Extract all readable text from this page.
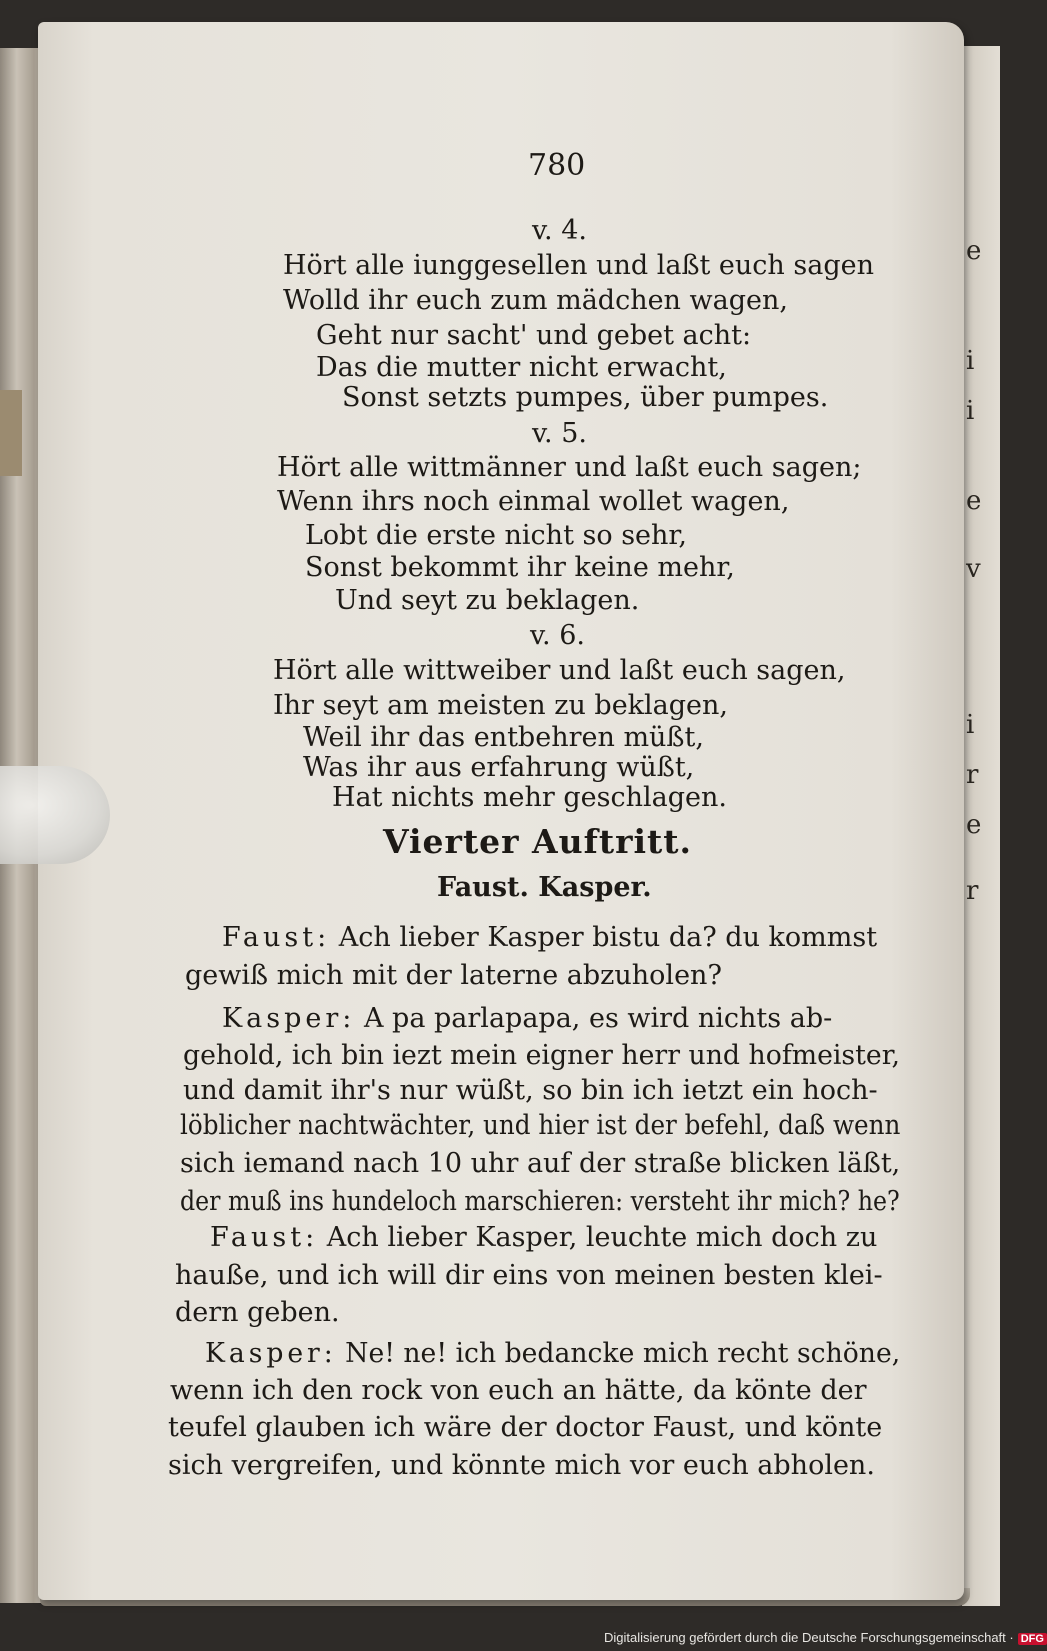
e
i
i
e
v
i
r
e
r
780
v. 4.
Hört alle iunggesellen und laßt euch sagen
Wolld ihr euch zum mädchen wagen,
Geht nur sacht' und gebet acht:
Das die mutter nicht erwacht,
Sonst setzts pumpes, über pumpes.
v. 5.
Hört alle wittmänner und laßt euch sagen;
Wenn ihrs noch einmal wollet wagen,
Lobt die erste nicht so sehr,
Sonst bekommt ihr keine mehr,
Und seyt zu beklagen.
v. 6.
Hört alle wittweiber und laßt euch sagen,
Ihr seyt am meisten zu beklagen,
Weil ihr das entbehren müßt,
Was ihr aus erfahrung wüßt,
Hat nichts mehr geschlagen.
Vierter Auftritt.
Faust. Kasper.
Faust: Ach lieber Kasper bistu da? du kommst
gewiß mich mit der laterne abzuholen?
Kasper: A pa parlapapa, es wird nichts ab-
gehold, ich bin iezt mein eigner herr und hofmeister,
und damit ihr's nur wüßt, so bin ich ietzt ein hoch-
löblicher nachtwächter, und hier ist der befehl, daß wenn
sich iemand nach 10 uhr auf der straße blicken läßt,
der muß ins hundeloch marschieren: versteht ihr mich? he?
Faust: Ach lieber Kasper, leuchte mich doch zu
hauße, und ich will dir eins von meinen besten klei-
dern geben.
Kasper: Ne! ne! ich bedancke mich recht schöne,
wenn ich den rock von euch an hätte, da könte der
teufel glauben ich wäre der doctor Faust, und könte
sich vergreifen, und könnte mich vor euch abholen.
Digitalisierung gefördert durch die Deutsche Forschungsgemeinschaft · DFG
